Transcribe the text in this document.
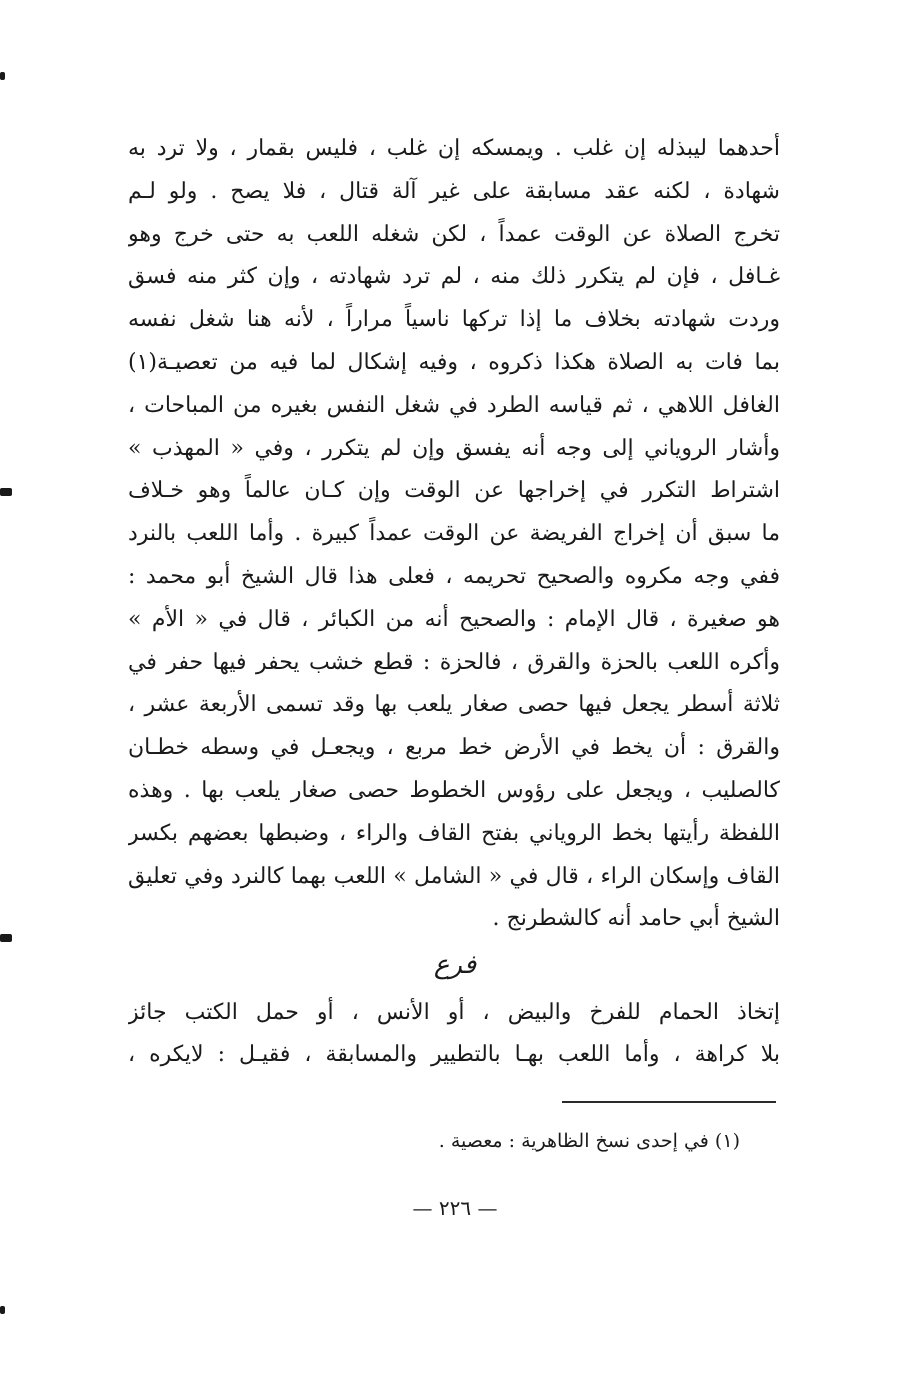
أحدهما ليبذله إن غلب . ويمسكه إن غلب ، فليس بقمار ، ولا ترد به
شهادة ، لكنه عقد مسابقة على غير آلة قتال ، فلا يصح . ولو لـم
تخرج الصلاة عن الوقت عمداً ، لكن شغله اللعب به حتى خرج وهو
غـافل ، فإن لم يتكرر ذلك منه ، لم ترد شهادته ، وإن كثر منه فسق
وردت شهادته بخلاف ما إذا تركها ناسياً مراراً ، لأنه هنا شغل نفسه
بما فات به الصلاة هكذا ذكروه ، وفيه إشكال لما فيه من تعصيـة(١)
الغافل اللاهي ، ثم قياسه الطرد في شغل النفس بغيره من المباحات ،
وأشار الروياني إلى وجه أنه يفسق وإن لم يتكرر ، وفي « المهذب »
اشتراط التكرر في إخراجها عن الوقت وإن كـان عالماً وهو خـلاف
ما سبق أن إخراج الفريضة عن الوقت عمداً كبيرة . وأما اللعب بالنرد
ففي وجه مكروه والصحيح تحريمه ، فعلى هذا قال الشيخ أبو محمد :
هو صغيرة ، قال الإمام : والصحيح أنه من الكبائر ، قال في « الأم »
وأكره اللعب بالحزة والقرق ، فالحزة : قطع خشب يحفر فيها حفر في
ثلاثة أسطر يجعل فيها حصى صغار يلعب بها وقد تسمى الأربعة عشر ،
والقرق : أن يخط في الأرض خط مربع ، ويجعـل في وسطه خطـان
كالصليب ، ويجعل على رؤوس الخطوط حصى صغار يلعب بها . وهذه
اللفظة رأيتها بخط الروياني بفتح القاف والراء ، وضبطها بعضهم بكسر
القاف وإسكان الراء ، قال في « الشامل » اللعب بهما كالنرد وفي تعليق
الشيخ أبي حامد أنه كالشطرنج .
فرع
إتخاذ الحمام للفرخ والبيض ، أو الأنس ، أو حمل الكتب جائز
بلا كراهة ، وأما اللعب بهـا بالتطيير والمسابقة ، فقيـل : لايكره ،
(١) في إحدى نسخ الظاهرية : معصية .
— ٢٢٦ —
